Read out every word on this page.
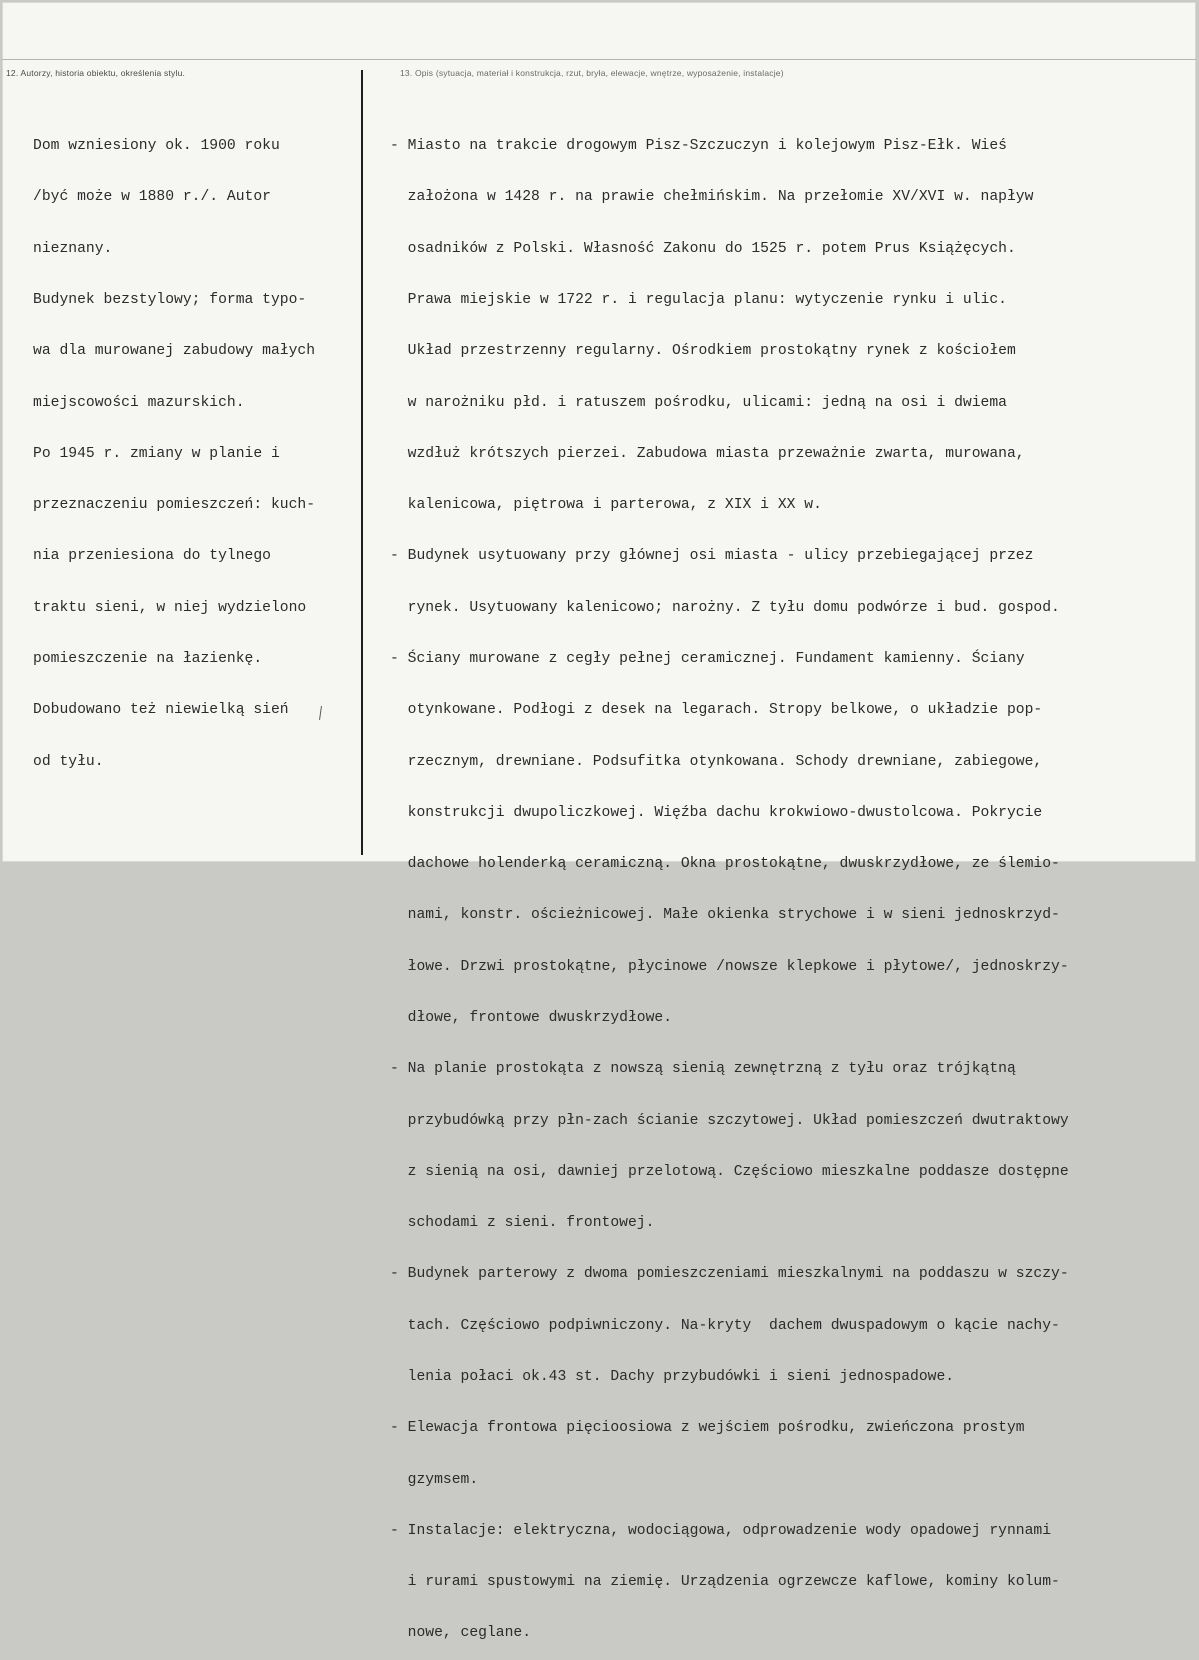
12. Autorzy, historia obiektu, określenia stylu.	13. Opis (sytuacja, materiał i konstrukcja, rzut, bryła, elewacje, wnętrze, wyposażenie, instalacje)

Dom wzniesiony ok. 1900 roku

/być może w 1880 r./. Autor

nieznany.

Budynek bezstylowy; forma typo-

wa dla murowanej zabudowy małych

miejscowości mazurskich.

Po 1945 r. zmiany w planie i

przeznaczeniu pomieszczeń: kuch-

nia przeniesiona do tylnego

traktu sieni, w niej wydzielono

pomieszczenie na łazienkę.

Dobudowano też niewielką sień

od tyłu.

- Miasto na trakcie drogowym Pisz-Szczuczyn i kolejowym Pisz-Ełk. Wieś

założona w 1428 r. na prawie chełmińskim. Na przełomie XV/XVI w. napływ

osadników z Polski. Własność Zakonu do 1525 r. potem Prus Książęcych.

Prawa miejskie w 1722 r. i regulacja planu: wytyczenie rynku i ulic.

Układ przestrzenny regularny. Ośrodkiem prostokątny rynek z kościołem

w narożniku płd. i ratuszem pośrodku, ulicami: jedną na osi i dwiema

wzdłuż krótszych pierzei. Zabudowa miasta przeważnie zwarta, murowana,

kalenicowa, piętrowa i parterowa, z XIX i XX w.

- Budynek usytuowany przy głównej osi miasta - ulicy przebiegającej przez

rynek. Usytuowany kalenicowo; narożny. Z tyłu domu podwórze i bud. gospod.

- Ściany murowane z cegły pełnej ceramicznej. Fundament kamienny. Ściany

otynkowane. Podłogi z desek na legarach. Stropy belkowe, o układzie pop-

rzecznym, drewniane. Podsufitka otynkowana. Schody drewniane, zabiegowe,

konstrukcji dwupoliczkowej. Więźba dachu krokwiowo-dwustolcowa. Pokrycie

dachowe holenderką ceramiczną. Okna prostokątne, dwuskrzydłowe, ze ślemio-

nami, konstr. ościeżnicowej. Małe okienka strychowe i w sieni jednoskrzyd-

łowe. Drzwi prostokątne, płycinowe /nowsze klepkowe i płytowe/, jednoskrzy-

dłowe, frontowe dwuskrzydłowe.

- Na planie prostokąta z nowszą sienią zewnętrzną z tyłu oraz trójkątną

przybudówką przy płn-zach ścianie szczytowej. Układ pomieszczeń dwutraktowy

z sienią na osi, dawniej przelotową. Częściowo mieszkalne poddasze dostępne

schodami z sieni. frontowej.

- Budynek parterowy z dwoma pomieszczeniami mieszkalnymi na poddaszu w szczy-

tach. Częściowo podpiwniczony. Na-kryty  dachem dwuspadowym o kącie nachy-

lenia połaci ok.43 st. Dachy przybudówki i sieni jednospadowe.

- Elewacja frontowa pięcioosiowa z wejściem pośrodku, zwieńczona prostym

gzymsem.

- Instalacje: elektryczna, wodociągowa, odprowadzenie wody opadowej rynnami

i rurami spustowymi na ziemię. Urządzenia ogrzewcze kaflowe, kominy kolum-

nowe, ceglane.
